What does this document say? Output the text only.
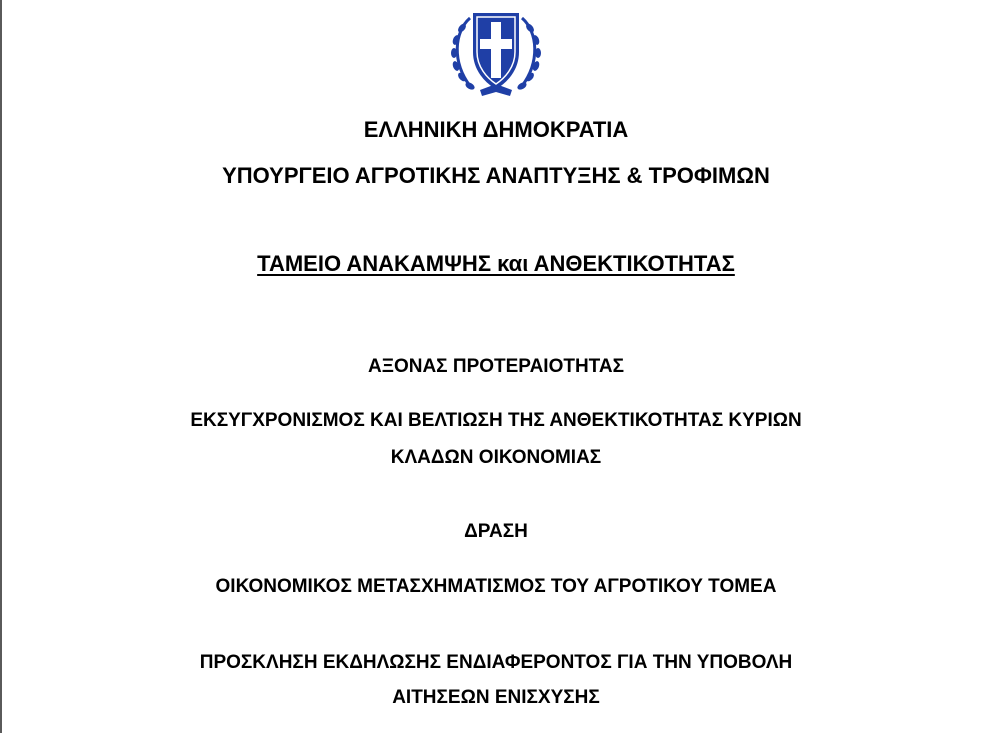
ΕΛΛΗΝΙΚΗ ΔΗΜΟΚΡΑΤΙΑ
ΥΠΟΥΡΓΕΙΟ ΑΓΡΟΤΙΚΗΣ ΑΝΑΠΤΥΞΗΣ & ΤΡΟΦΙΜΩΝ
ΤΑΜΕΙΟ ΑΝΑΚΑΜΨΗΣ και ΑΝΘΕΚΤΙΚΟΤΗΤΑΣ
ΑΞΟΝΑΣ ΠΡΟΤΕΡΑΙΟΤΗΤΑΣ
ΕΚΣΥΓΧΡΟΝΙΣΜΟΣ ΚΑΙ ΒΕΛΤΙΩΣΗ ΤΗΣ ΑΝΘΕΚΤΙΚΟΤΗΤΑΣ ΚΥΡΙΩΝ
ΚΛΑΔΩΝ ΟΙΚΟΝΟΜΙΑΣ
ΔΡΑΣΗ
ΟΙΚΟΝΟΜΙΚΟΣ ΜΕΤΑΣΧΗΜΑΤΙΣΜΟΣ ΤΟΥ ΑΓΡΟΤΙΚΟΥ ΤΟΜΕΑ
ΠΡΟΣΚΛΗΣΗ ΕΚΔΗΛΩΣΗΣ ΕΝΔΙΑΦΕΡΟΝΤΟΣ ΓΙΑ ΤΗΝ ΥΠΟΒΟΛΗ
ΑΙΤΗΣΕΩΝ ΕΝΙΣΧΥΣΗΣ
